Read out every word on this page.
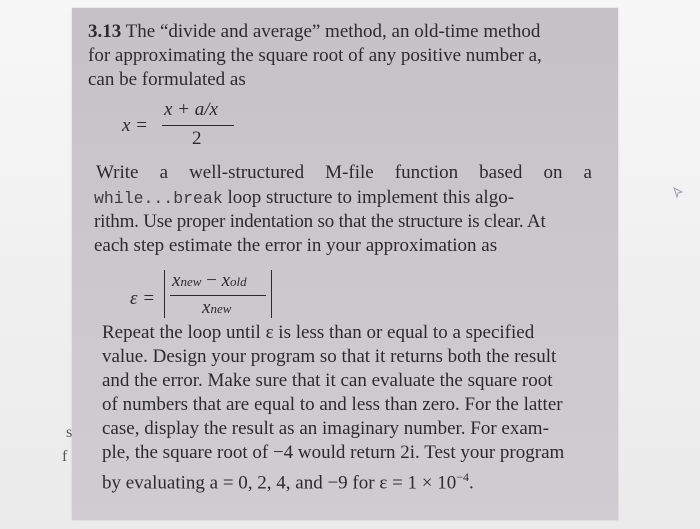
s
f
3.13 The “divide and average” method, an old-time method
for approximating the square root of any positive number a,
can be formulated as
x =
x + a/x
2
Write a well-structured M-file function based on a
while...break loop structure to implement this algo-
rithm. Use proper indentation so that the structure is clear. At
each step estimate the error in your approximation as
ε =
xnew − xold
xnew
Repeat the loop until ε is less than or equal to a specified
value. Design your program so that it returns both the result
and the error. Make sure that it can evaluate the square root
of numbers that are equal to and less than zero. For the latter
case, display the result as an imaginary number. For exam-
ple, the square root of −4 would return 2i. Test your program
by evaluating a = 0, 2, 4, and −9 for $\varepsilon = 1 \times 10^{-4}$.
